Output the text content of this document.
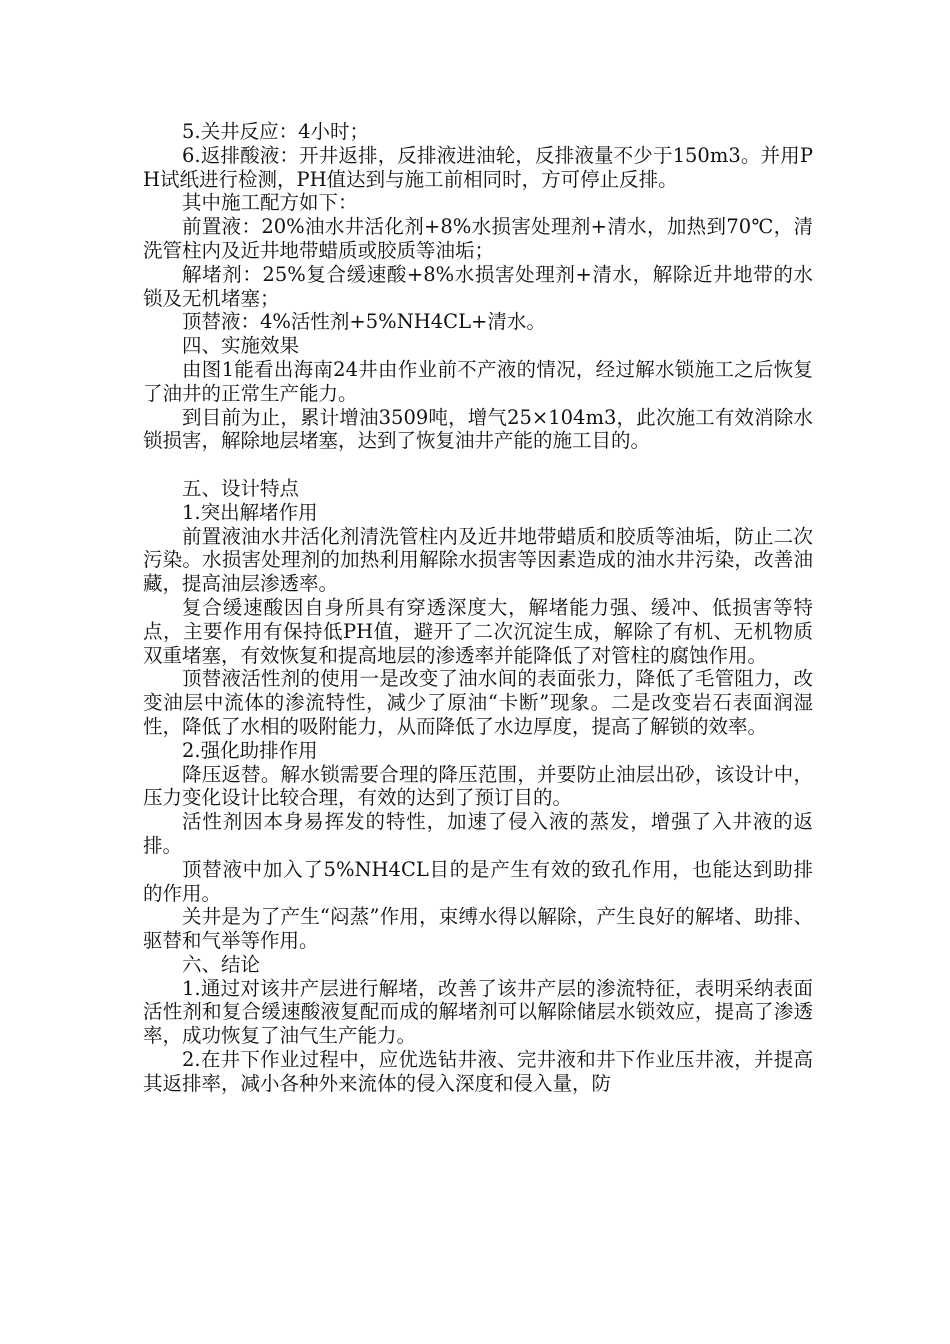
5.关井反应：4小时；

6.返排酸液：开井返排，反排液进油轮，反排液量不少于150m3。并用PH试纸进行检测，PH值达到与施工前相同时，方可停止反排。

其中施工配方如下：

前置液：20%油水井活化剂+8%水损害处理剂+清水，加热到70℃，清洗管柱内及近井地带蜡质或胶质等油垢；

解堵剂：25%复合缓速酸+8%水损害处理剂+清水，解除近井地带的水锁及无机堵塞；

顶替液：4%活性剂+5%NH4CL+清水。

四、实施效果

由图1能看出海南24井由作业前不产液的情况，经过解水锁施工之后恢复了油井的正常生产能力。

到目前为止，累计增油3509吨，增气25×104m3，此次施工有效消除水锁损害，解除地层堵塞，达到了恢复油井产能的施工目的。

五、设计特点

1.突出解堵作用

前置液油水井活化剂清洗管柱内及近井地带蜡质和胶质等油垢，防止二次污染。水损害处理剂的加热利用解除水损害等因素造成的油水井污染，改善油藏，提高油层渗透率。

复合缓速酸因自身所具有穿透深度大，解堵能力强、缓冲、低损害等特点，主要作用有保持低PH值，避开了二次沉淀生成，解除了有机、无机物质双重堵塞，有效恢复和提高地层的渗透率并能降低了对管柱的腐蚀作用。

顶替液活性剂的使用一是改变了油水间的表面张力，降低了毛管阻力，改变油层中流体的渗流特性，减少了原油“卡断”现象。二是改变岩石表面润湿性，降低了水相的吸附能力，从而降低了水边厚度，提高了解锁的效率。

2.强化助排作用

降压返替。解水锁需要合理的降压范围，并要防止油层出砂，该设计中，压力变化设计比较合理，有效的达到了预订目的。

活性剂因本身易挥发的特性，加速了侵入液的蒸发，增强了入井液的返排。

顶替液中加入了5%NH4CL目的是产生有效的致孔作用，也能达到助排的作用。

关井是为了产生“闷蒸”作用，束缚水得以解除，产生良好的解堵、助排、驱替和气举等作用。

六、结论

1.通过对该井产层进行解堵，改善了该井产层的渗流特征，表明采纳表面活性剂和复合缓速酸液复配而成的解堵剂可以解除储层水锁效应，提高了渗透率，成功恢复了油气生产能力。

2.在井下作业过程中，应优选钻井液、完井液和井下作业压井液，并提高其返排率，减小各种外来流体的侵入深度和侵入量，防
